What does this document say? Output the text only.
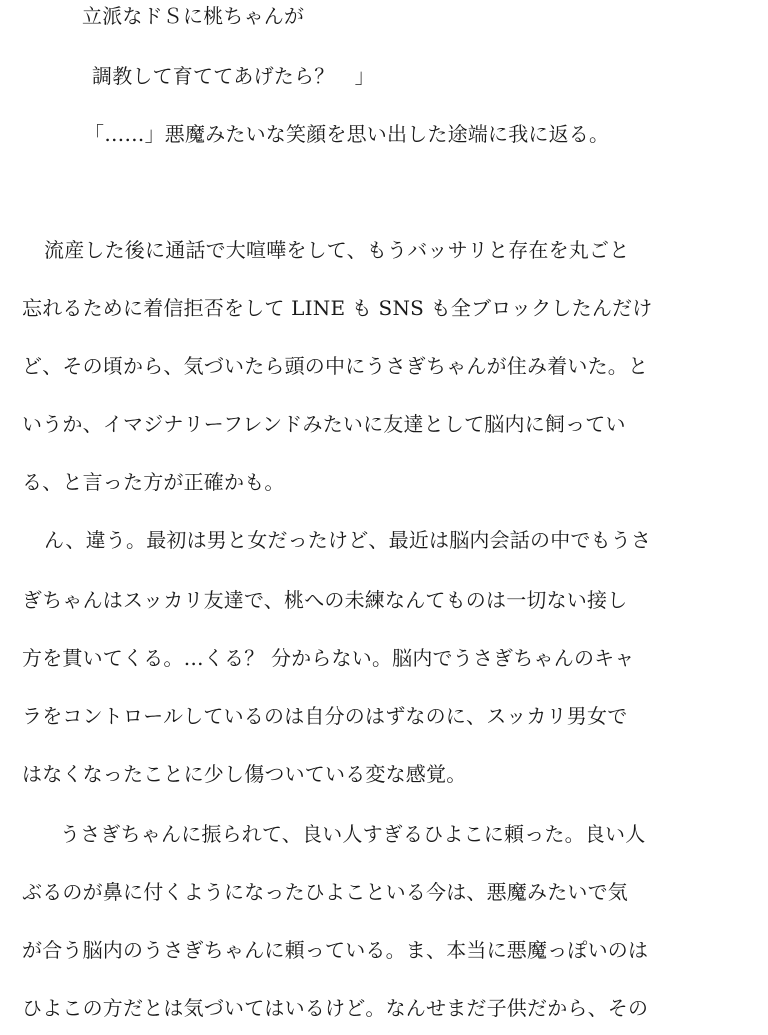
立派なドＳに桃ちゃんが

調教して育ててあげたら？　」

「……」悪魔みたいな笑顔を思い出した途端に我に返る。

流産した後に通話で大喧嘩をして、もうバッサリと存在を丸ごと

忘れるために着信拒否をして LINE も SNS も全ブロックしたんだけ

ど、その頃から、気づいたら頭の中にうさぎちゃんが住み着いた。と

いうか、イマジナリーフレンドみたいに友達として脳内に飼ってい

る、と言った方が正確かも。

ん、違う。最初は男と女だったけど、最近は脳内会話の中でもうさ

ぎちゃんはスッカリ友達で、桃への未練なんてものは一切ない接し

方を貫いてくる。…くる？ 分からない。脳内でうさぎちゃんのキャ

ラをコントロールしているのは自分のはずなのに、スッカリ男女で

はなくなったことに少し傷ついている変な感覚。

うさぎちゃんに振られて、良い人すぎるひよこに頼った。良い人

ぶるのが鼻に付くようになったひよこといる今は、悪魔みたいで気

が合う脳内のうさぎちゃんに頼っている。ま、本当に悪魔っぽいのは

ひよこの方だとは気づいてはいるけど。なんせまだ子供だから、その
